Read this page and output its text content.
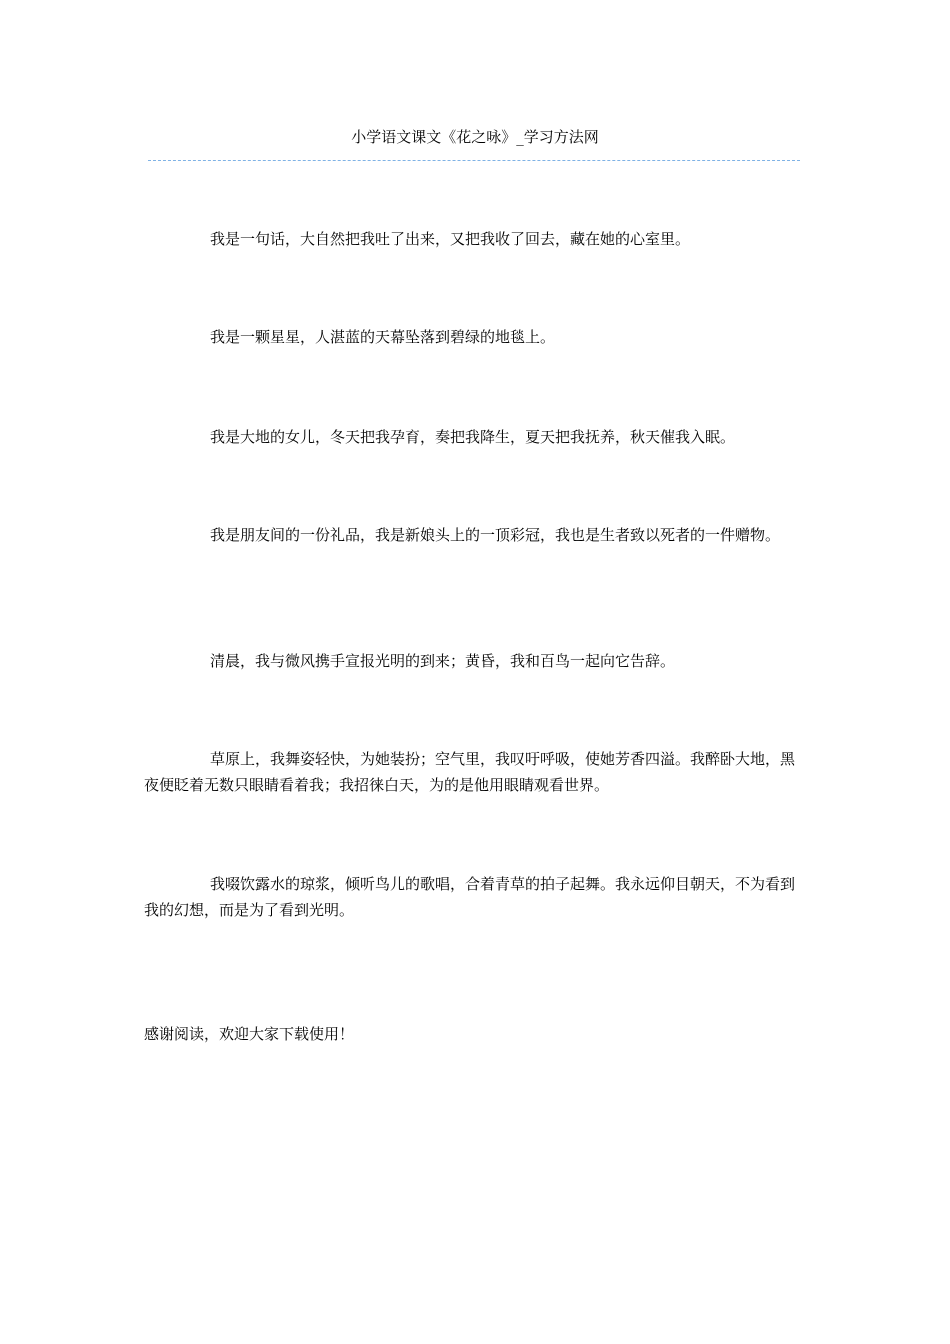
小学语文课文《花之咏》_学习方法网

我是一句话，大自然把我吐了出来，又把我收了回去，藏在她的心室里。

我是一颗星星，人湛蓝的天幕坠落到碧绿的地毯上。

我是大地的女儿，冬天把我孕育，奏把我降生，夏天把我抚养，秋天催我入眠。

我是朋友间的一份礼品，我是新娘头上的一顶彩冠，我也是生者致以死者的一件赠物。

清晨，我与微风携手宣报光明的到来；黄昏，我和百鸟一起向它告辞。

草原上，我舞姿轻快，为她装扮；空气里，我叹吁呼吸，使她芳香四溢。我醉卧大地，黑夜便眨着无数只眼睛看着我；我招徕白天，为的是他用眼睛观看世界。

我啜饮露水的琼浆，倾听鸟儿的歌唱，合着青草的拍子起舞。我永远仰目朝天，不为看到我的幻想，而是为了看到光明。

感谢阅读，欢迎大家下载使用！
